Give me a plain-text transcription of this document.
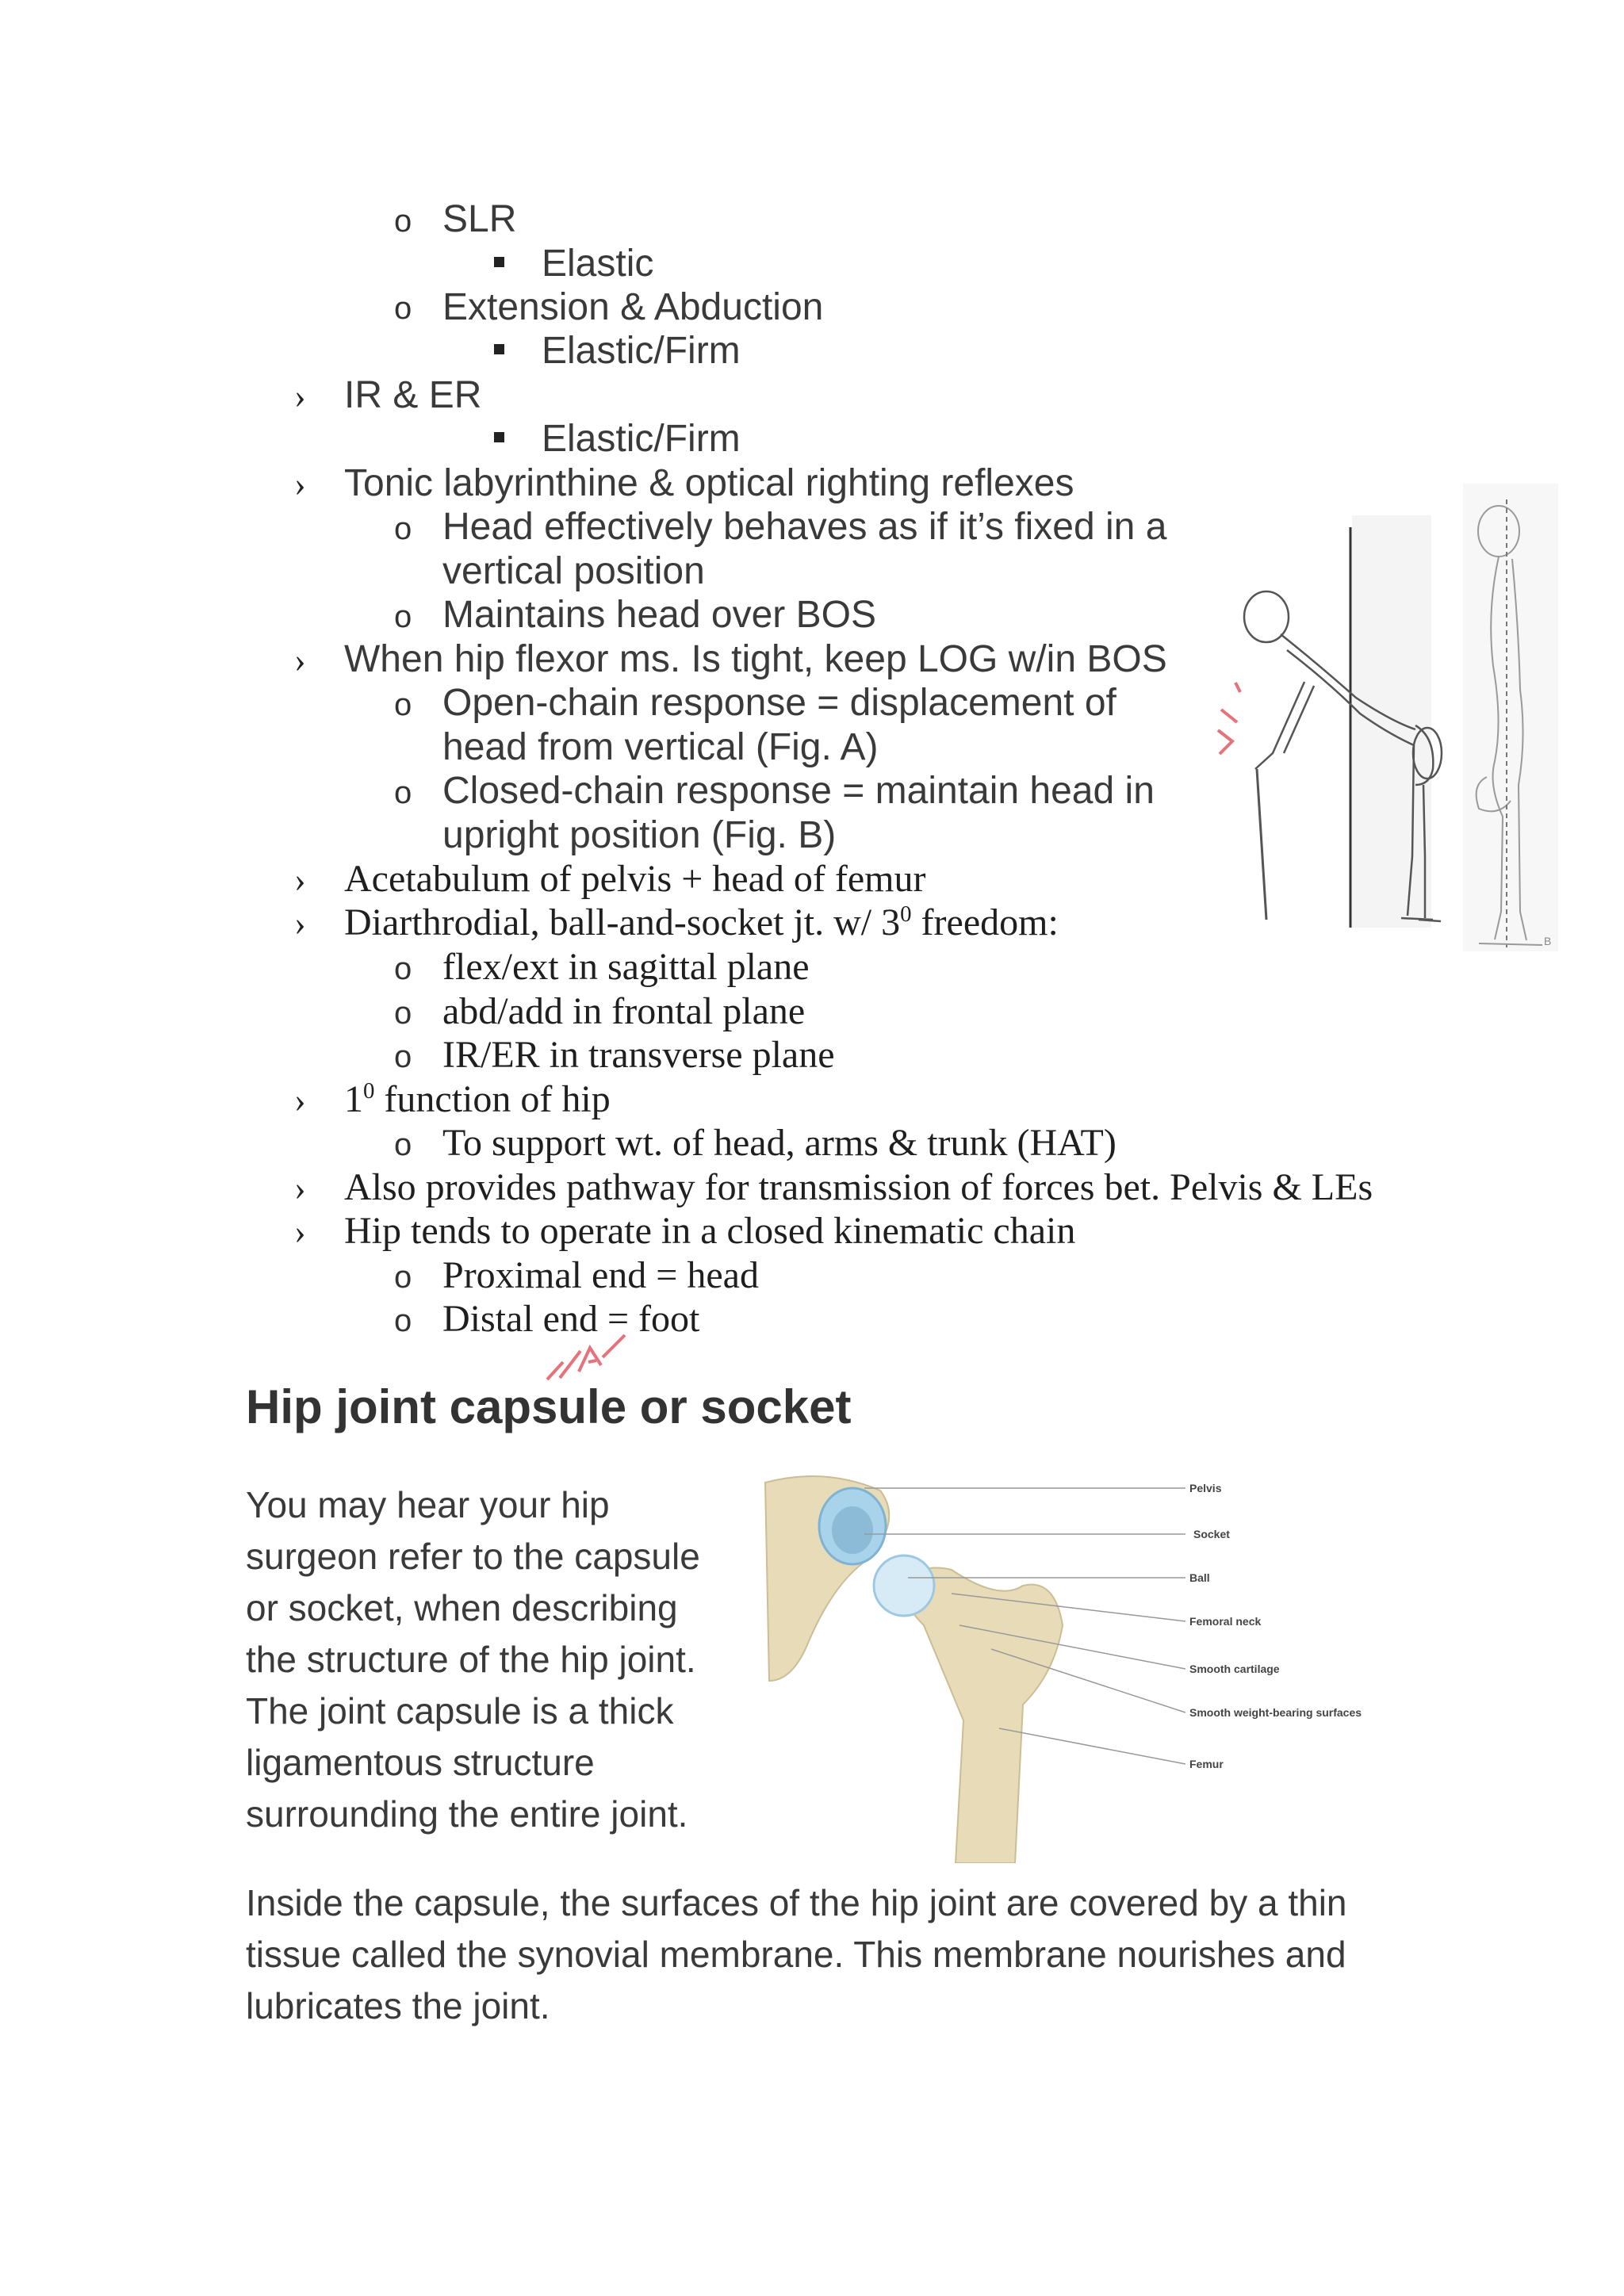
o SLR
Elastic
o Extension & Abduction
Elastic/Firm
› IR & ER
Elastic/Firm
› Tonic labyrinthine & optical righting reflexes
o Head effectively behaves as if it’s fixed in a
vertical position
o Maintains head over BOS
› When hip flexor ms. Is tight, keep LOG w/in BOS
o Open-chain response = displacement of
head from vertical (Fig. A)
o Closed-chain response = maintain head in
upright position (Fig. B)
› Acetabulum of pelvis + head of femur
› Diarthrodial, ball-and-socket jt. w/ $3^0$ freedom:
o flex/ext in sagittal plane
o abd/add in frontal plane
o IR/ER in transverse plane
› $1^0$ function of hip
o To support wt. of head, arms & trunk (HAT)
› Also provides pathway for transmission of forces bet. Pelvis & LEs
› Hip tends to operate in a closed kinematic chain
o Proximal end = head
o Distal end = foot
B
Hip joint capsule or socket

You may hear your hip

surgeon refer to the capsule

or socket, when describing

the structure of the hip joint.

The joint capsule is a thick

ligamentous structure

surrounding the entire joint.

Pelvis
Socket
Ball
Femoral neck
Smooth cartilage
Smooth weight-bearing surfaces
Femur

Inside the capsule, the surfaces of the hip joint are covered by a thin

tissue called the synovial membrane. This membrane nourishes and

lubricates the joint.
